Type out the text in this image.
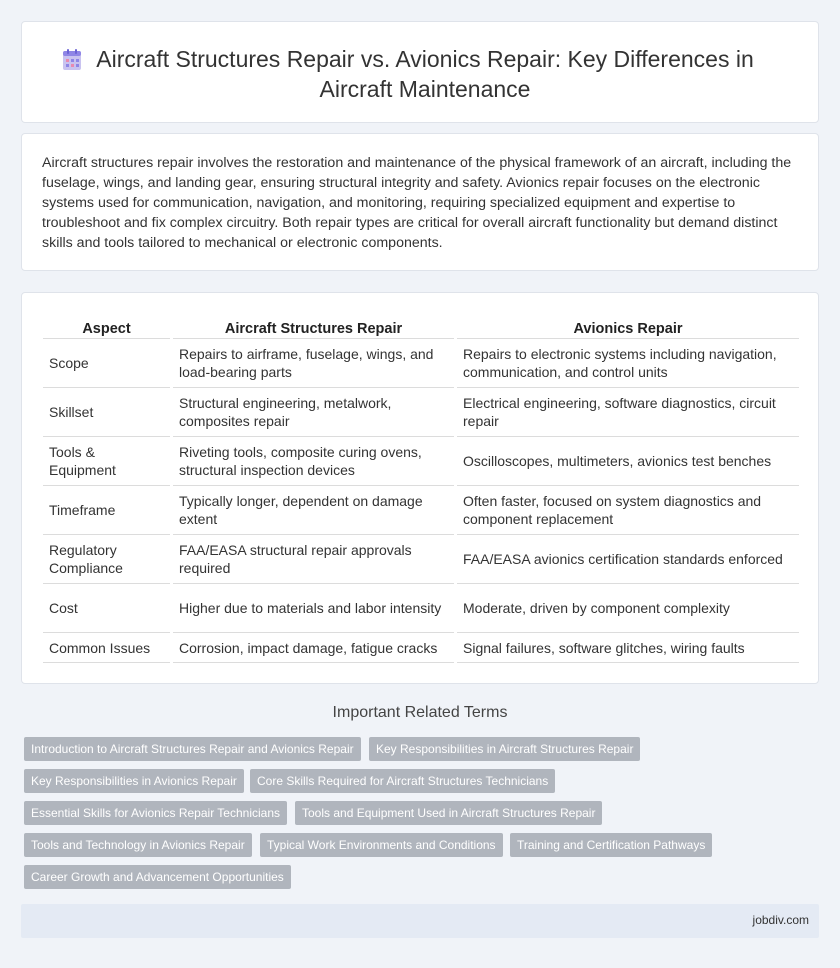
Aircraft Structures Repair vs. Avionics Repair: Key Differences in Aircraft Maintenance

Aircraft structures repair involves the restoration and maintenance of the physical framework of an aircraft, including the fuselage, wings, and landing gear, ensuring structural integrity and safety. Avionics repair focuses on the electronic systems used for communication, navigation, and monitoring, requiring specialized equipment and expertise to troubleshoot and fix complex circuitry. Both repair types are critical for overall aircraft functionality but demand distinct skills and tools tailored to mechanical or electronic components.

Aspect	Aircraft Structures Repair	Avionics Repair
Scope	Repairs to airframe, fuselage, wings, and load-bearing parts	Repairs to electronic systems including navigation, communication, and control units
Skillset	Structural engineering, metalwork, composites repair	Electrical engineering, software diagnostics, circuit repair
Tools & Equipment	Riveting tools, composite curing ovens, structural inspection devices	Oscilloscopes, multimeters, avionics test benches
Timeframe	Typically longer, dependent on damage extent	Often faster, focused on system diagnostics and component replacement
Regulatory Compliance	FAA/EASA structural repair approvals required	FAA/EASA avionics certification standards enforced
Cost	Higher due to materials and labor intensity	Moderate, driven by component complexity
Common Issues	Corrosion, impact damage, fatigue cracks	Signal failures, software glitches, wiring faults
Important Related Terms
Introduction to Aircraft Structures Repair and Avionics Repair	Key Responsibilities in Aircraft Structures Repair
Key Responsibilities in Avionics Repair	Core Skills Required for Aircraft Structures Technicians
Essential Skills for Avionics Repair Technicians	Tools and Equipment Used in Aircraft Structures Repair
Tools and Technology in Avionics Repair	Typical Work Environments and Conditions	Training and Certification Pathways
Career Growth and Advancement Opportunities
jobdiv.com
